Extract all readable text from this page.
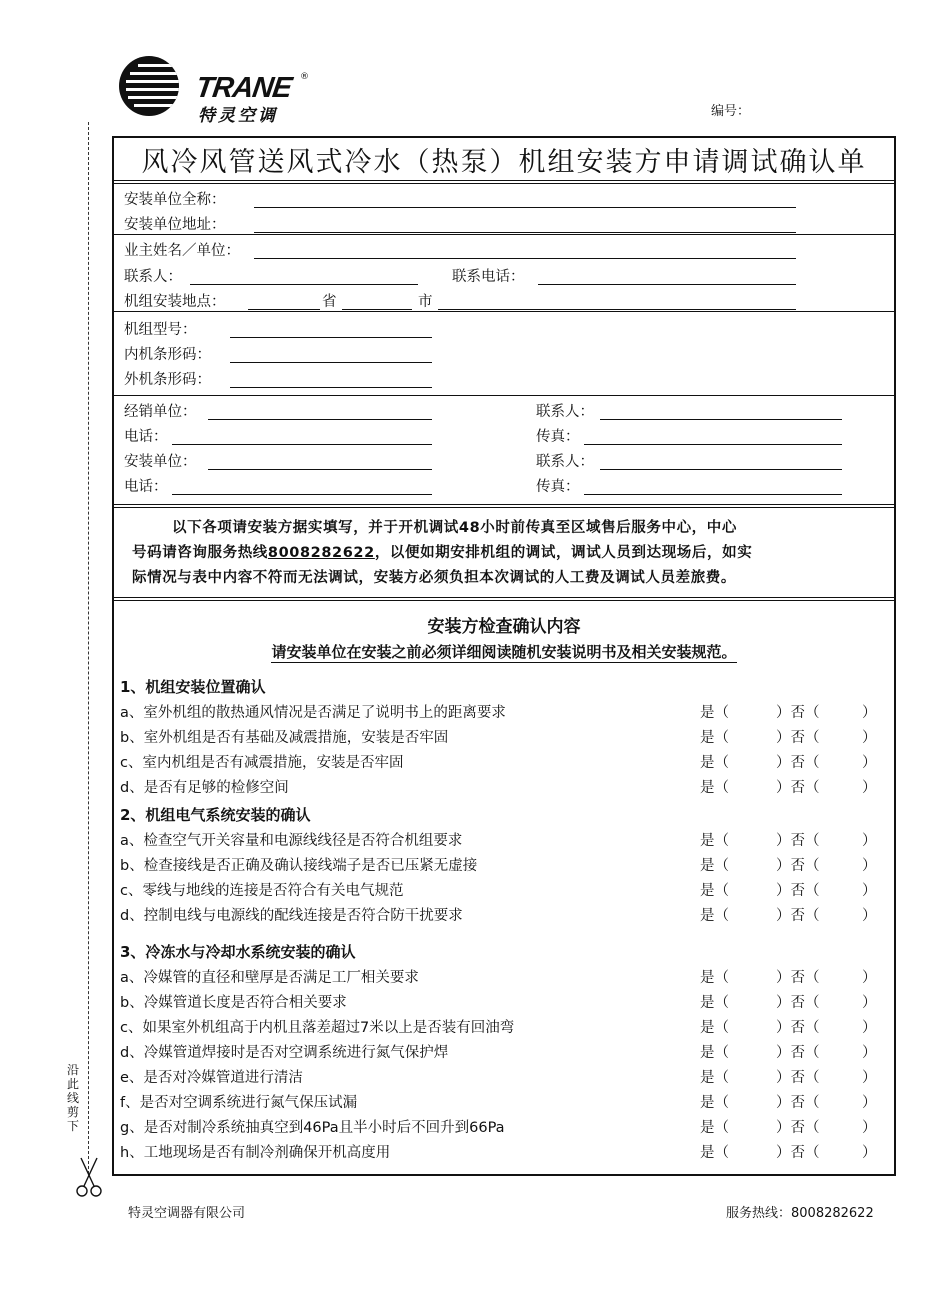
TRANE ®
特灵空调	编号：
沿此线剪下
风冷风管送风式冷水（热泵）机组安装方申请调试确认单
安装单位全称：
安装单位地址：
业主姓名／单位：
联系人：	联系电话：
机组安装地点：	省	市
机组型号：
内机条形码：
外机条形码：
经销单位：	联系人：
电话：	传真：
安装单位：	联系人：
电话：	传真：
以下各项请安装方据实填写，并于开机调试48小时前传真至区域售后服务中心，中心
号码请咨询服务热线8008282622，以便如期安排机组的调试，调试人员到达现场后，如实
际情况与表中内容不符而无法调试，安装方必须负担本次调试的人工费及调试人员差旅费。
安装方检查确认内容
请安装单位在安装之前必须详细阅读随机安装说明书及相关安装规范。
1、机组安装位置确认
a、室外机组的散热通风情况是否满足了说明书上的距离要求	是（	）否（	）
b、室外机组是否有基础及减震措施，安装是否牢固	是（	）否（	）
c、室内机组是否有减震措施，安装是否牢固	是（	）否（	）
d、是否有足够的检修空间	是（	）否（	）
2、机组电气系统安装的确认
a、检查空气开关容量和电源线线径是否符合机组要求	是（	）否（	）
b、检查接线是否正确及确认接线端子是否已压紧无虚接	是（	）否（	）
c、零线与地线的连接是否符合有关电气规范	是（	）否（	）
d、控制电线与电源线的配线连接是否符合防干扰要求	是（	）否（	）
3、冷冻水与冷却水系统安装的确认
a、冷媒管的直径和壁厚是否满足工厂相关要求	是（	）否（	）
b、冷媒管道长度是否符合相关要求	是（	）否（	）
c、如果室外机组高于内机且落差超过7米以上是否装有回油弯	是（	）否（	）
d、冷媒管道焊接时是否对空调系统进行氮气保护焊	是（	）否（	）
e、是否对冷媒管道进行清洁	是（	）否（	）
f、是否对空调系统进行氮气保压试漏	是（	）否（	）
g、是否对制冷系统抽真空到46Pa且半小时后不回升到66Pa	是（	）否（	）
h、工地现场是否有制冷剂确保开机高度用	是（	）否（	）
特灵空调器有限公司	服务热线：8008282622
